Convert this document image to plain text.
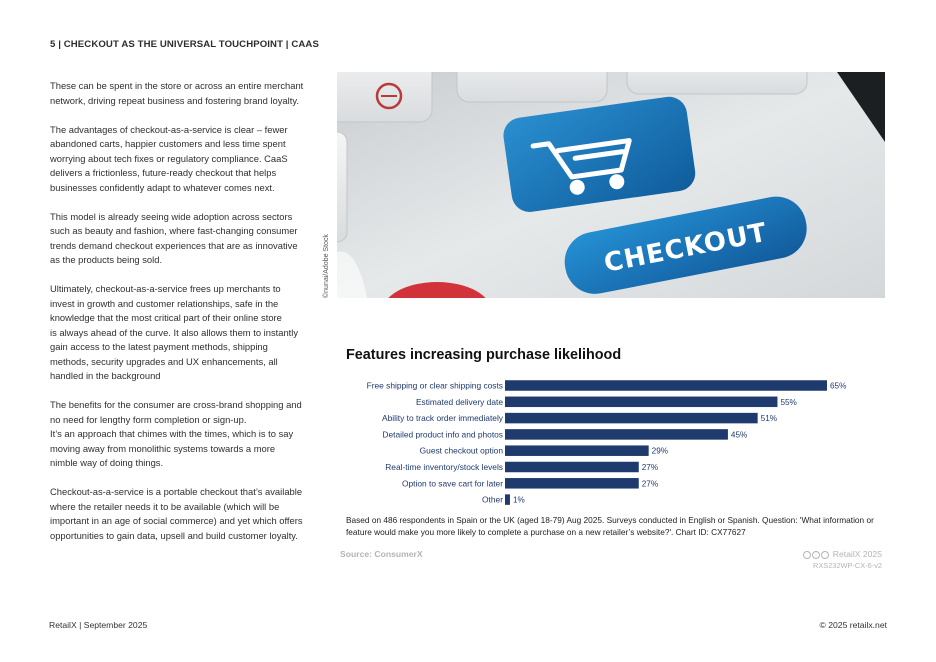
5 | CHECKOUT AS THE UNIVERSAL TOUCHPOINT | CAAS

These can be spent in the store or across an entire merchant
network, driving repeat business and fostering brand loyalty.

The advantages of checkout-as-a-service is clear – fewer
abandoned carts, happier customers and less time spent
worrying about tech fixes or regulatory compliance. CaaS
delivers a frictionless, future-ready checkout that helps
businesses confidently adapt to whatever comes next.

This model is already seeing wide adoption across sectors
such as beauty and fashion, where fast-changing consumer
trends demand checkout experiences that are as innovative
as the products being sold.

Ultimately, checkout-as-a-service frees up merchants to
invest in growth and customer relationships, safe in the
knowledge that the most critical part of their online store
is always ahead of the curve. It also allows them to instantly
gain access to the latest payment methods, shipping
methods, security upgrades and UX enhancements, all
handled in the background

The benefits for the consumer are cross-brand shopping and
no need for lengthy form completion or sign-up.
It’s an approach that chimes with the times, which is to say
moving away from monolithic systems towards a more
nimble way of doing things.

Checkout-as-a-service is a portable checkout that’s available
where the retailer needs it to be available (which will be
important in an age of social commerce) and yet which offers
opportunities to gain data, upsell and build customer loyalty.

CHECKOUT
©nunai/Adobe Stock
Features increasing purchase likelihood
Free shipping or clear shipping costs	65%
Estimated delivery date	55%
Ability to track order immediately	51%
Detailed product info and photos	45%
Guest checkout option	29%
Real-time inventory/stock levels	27%
Option to save cart for later	27%
Other 1%
Based on 486 respondents in Spain or the UK (aged 18-79) Aug 2025. Surveys conducted in English or Spanish. Question: 'What information or feature would make you more likely to complete a purchase on a new retailer’s website?'. Chart ID: CX77627
Source: ConsumerX	RetailX 2025
RXS232WP-CX-6-v2
RetailX | September 2025	© 2025 retailx.net
